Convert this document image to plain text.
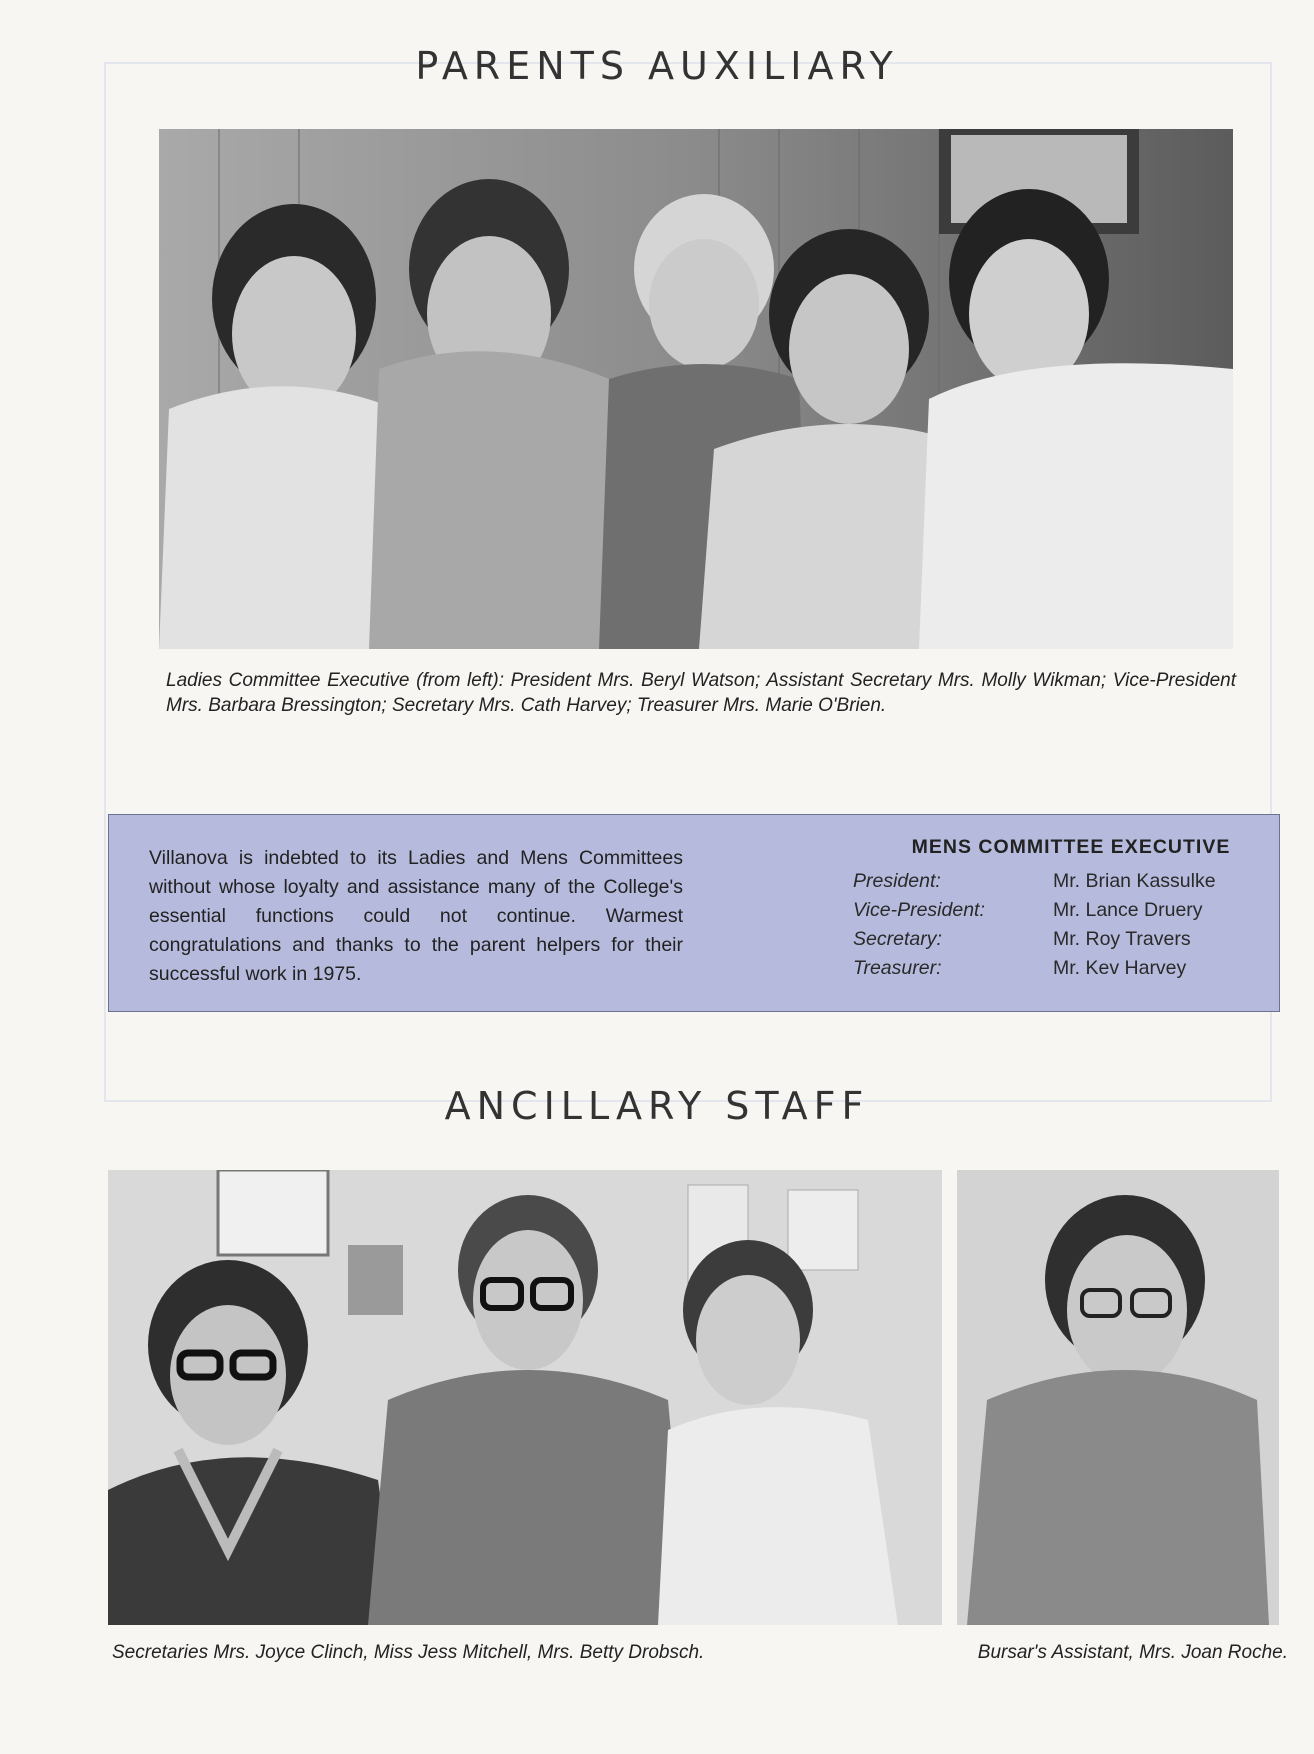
PARENTS AUXILIARY
Ladies Committee Executive (from left): President Mrs. Beryl Watson; Assistant Secretary Mrs. Molly Wikman; Vice-President Mrs. Barbara Bressington; Secretary Mrs. Cath Harvey; Treasurer Mrs. Marie O'Brien.
Villanova is indebted to its Ladies and Mens Committees without whose loyalty and assistance many of the College's essential functions could not continue. Warmest congratulations and thanks to the parent helpers for their successful work in 1975.
MENS COMMITTEE EXECUTIVE
President:	Mr. Brian Kassulke
Vice-President:	Mr. Lance Druery
Secretary:	Mr. Roy Travers
Treasurer:	Mr. Kev Harvey
ANCILLARY STAFF
Secretaries Mrs. Joyce Clinch, Miss Jess Mitchell, Mrs. Betty Drobsch.	Bursar's Assistant, Mrs. Joan Roche.
